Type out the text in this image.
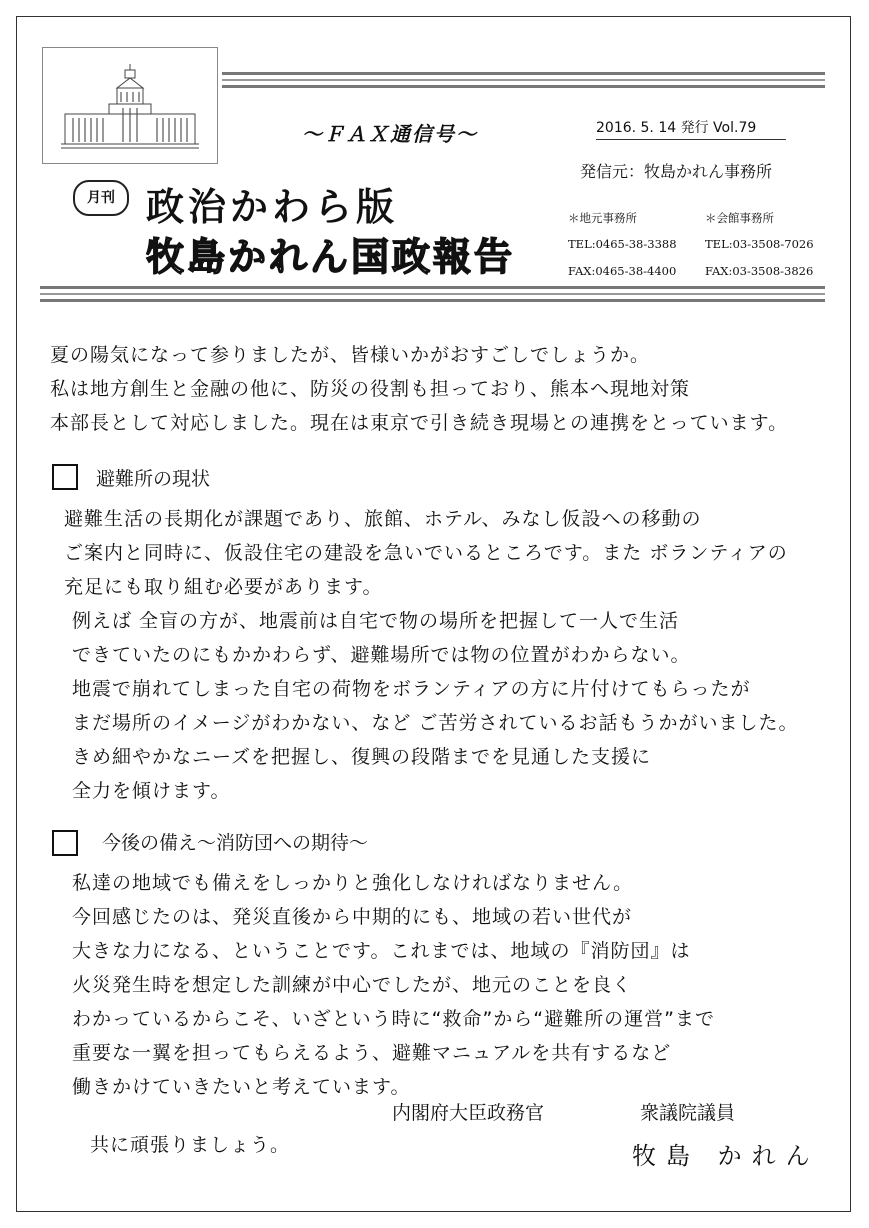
～ＦＡＸ通信号～	2016. 5. 14 発行 Vol.79
発信元：牧島かれん事務所
月刊 政治かわら版
牧島かれん国政報告
＊地元事務所
TEL:0465-38-3388
FAX:0465-38-4400
＊会館事務所
TEL:03-3508-7026
FAX:03-3508-3826
夏の陽気になって参りましたが、皆様いかがおすごしでしょうか。
私は地方創生と金融の他に、防災の役割も担っており、熊本へ現地対策
本部長として対応しました。現在は東京で引き続き現場との連携をとっています。
避難所の現状
避難生活の長期化が課題であり、旅館、ホテル、みなし仮設への移動の
ご案内と同時に、仮設住宅の建設を急いでいるところです。また ボランティアの
充足にも取り組む必要があります。
例えば 全盲の方が、地震前は自宅で物の場所を把握して一人で生活
できていたのにもかかわらず、避難場所では物の位置がわからない。
地震で崩れてしまった自宅の荷物をボランティアの方に片付けてもらったが
まだ場所のイメージがわかない、など ご苦労されているお話もうかがいました。
きめ細やかなニーズを把握し、復興の段階までを見通した支援に
全力を傾けます。
今後の備え～消防団への期待～
私達の地域でも備えをしっかりと強化しなければなりません。
今回感じたのは、発災直後から中期的にも、地域の若い世代が
大きな力になる、ということです。これまでは、地域の『消防団』は
火災発生時を想定した訓練が中心でしたが、地元のことを良く
わかっているからこそ、いざという時に“救命”から“避難所の運営”まで
重要な一翼を担ってもらえるよう、避難マニュアルを共有するなど
働きかけていきたいと考えています。
内閣府大臣政務官	衆議院議員
共に頑張りましょう。	牧島 かれん
